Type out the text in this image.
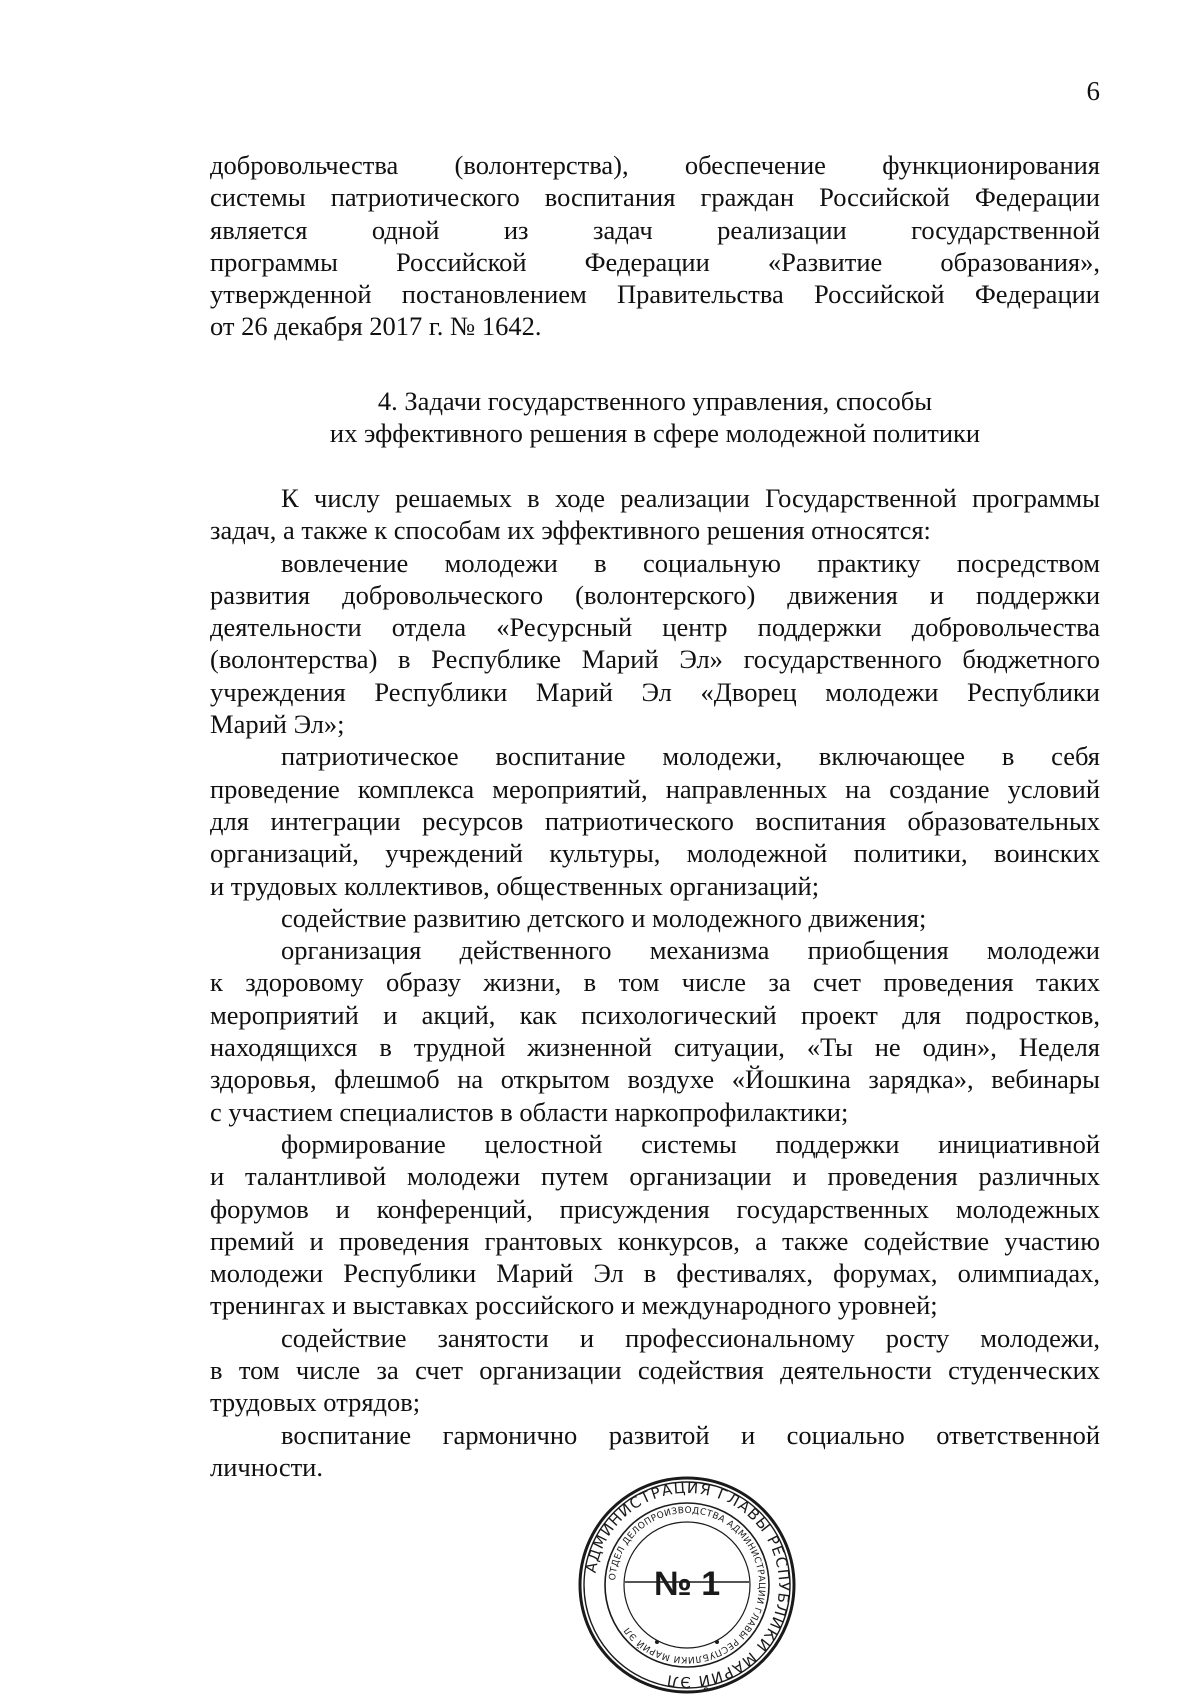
6

добровольчества (волонтерства), обеспечение функционирования

системы патриотического воспитания граждан Российской Федерации

является одной из задач реализации государственной

программы Российской Федерации «Развитие образования»,

утвержденной постановлением Правительства Российской Федерации

от 26 декабря 2017 г. № 1642.

4. Задачи государственного управления, способы
их эффективного решения в сфере молодежной политики

К числу решаемых в ходе реализации Государственной программы

задач, а также к способам их эффективного решения относятся:

вовлечение молодежи в социальную практику посредством

развития добровольческого (волонтерского) движения и поддержки

деятельности отдела «Ресурсный центр поддержки добровольчества

(волонтерства) в Республике Марий Эл» государственного бюджетного

учреждения Республики Марий Эл «Дворец молодежи Республики

Марий Эл»;

патриотическое воспитание молодежи, включающее в себя

проведение комплекса мероприятий, направленных на создание условий

для интеграции ресурсов патриотического воспитания образовательных

организаций, учреждений культуры, молодежной политики, воинских

и трудовых коллективов, общественных организаций;

содействие развитию детского и молодежного движения;

организация действенного механизма приобщения молодежи

к здоровому образу жизни, в том числе за счет проведения таких

мероприятий и акций, как психологический проект для подростков,

находящихся в трудной жизненной ситуации, «Ты не один», Неделя

здоровья, флешмоб на открытом воздухе «Йошкина зарядка», вебинары

с участием специалистов в области наркопрофилактики;

формирование целостной системы поддержки инициативной

и талантливой молодежи путем организации и проведения различных

форумов и конференций, присуждения государственных молодежных

премий и проведения грантовых конкурсов, а также содействие участию

молодежи Республики Марий Эл в фестивалях, форумах, олимпиадах,

тренингах и выставках российского и международного уровней;

содействие занятости и профессиональному росту молодежи,

в том числе за счет организации содействия деятельности студенческих

трудовых отрядов;

воспитание гармонично развитой и социально ответственной

личности.

АДМИНИСТРАЦИЯ ГЛАВЫ РЕСПУБЛИКИ МАРИЙ ЭЛ
ОТДЕЛ ДЕЛОПРОИЗВОДСТВА АДМИНИСТРАЦИИ ГЛАВЫ РЕСПУБЛИКИ МАРИЙ ЭЛ
№ 1
